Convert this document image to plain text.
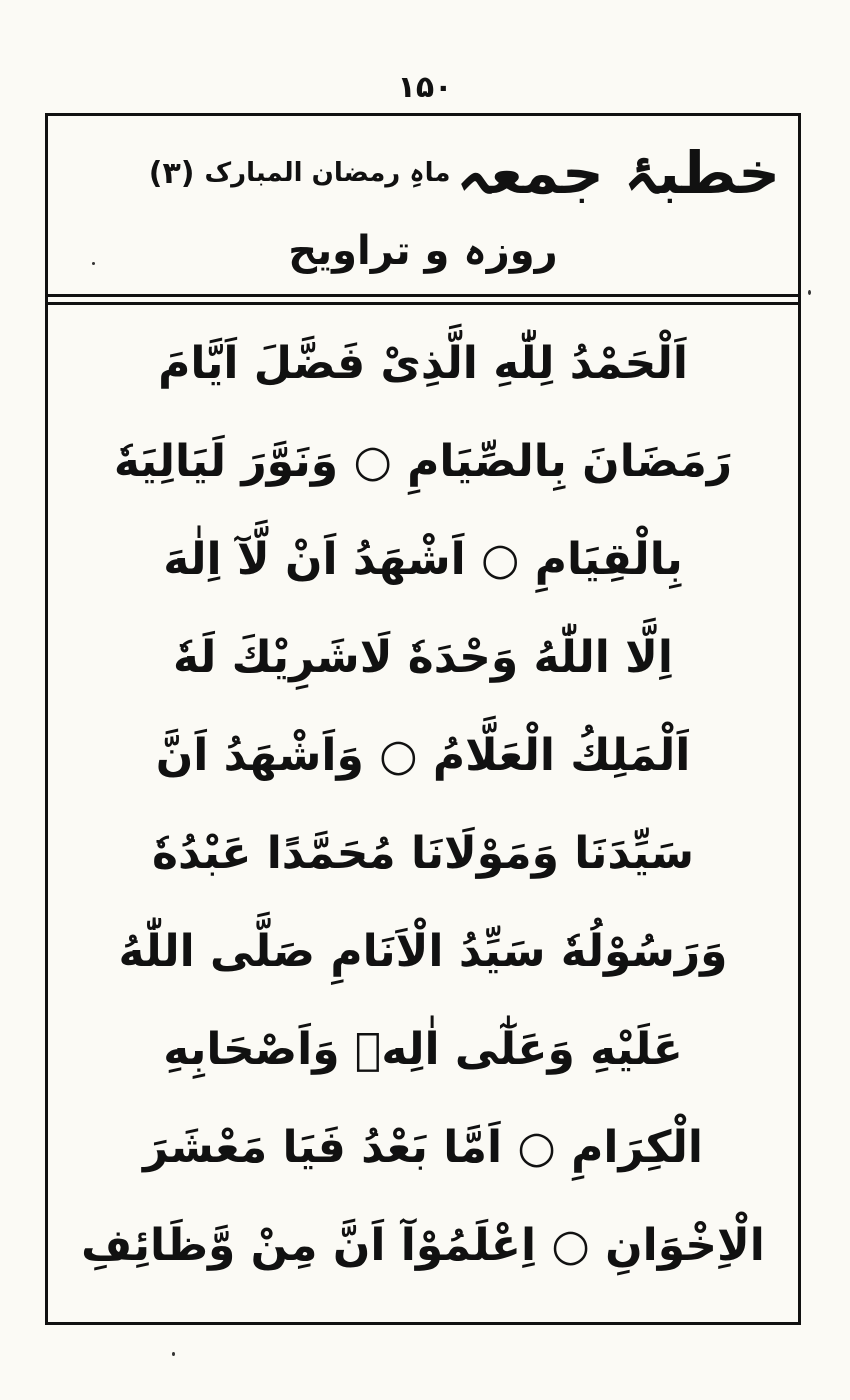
۱۵۰
خطبۂ جمعہ
ماہِ رمضان المبارک
(۳)
روزہ و تراویح
اَلْحَمْدُ لِلّٰهِ الَّذِىْ فَضَّلَ اَيَّامَ
رَمَضَانَ بِالصِّيَامِ ○ وَنَوَّرَ لَيَالِيَهٗ
بِالْقِيَامِ ○ اَشْهَدُ اَنْ لَّآ اِلٰهَ
اِلَّا اللّٰهُ وَحْدَهٗ لَاشَرِيْكَ لَهٗ
اَلْمَلِكُ الْعَلَّامُ ○ وَاَشْهَدُ اَنَّ
سَيِّدَنَا وَمَوْلَانَا مُحَمَّدًا عَبْدُهٗ
وَرَسُوْلُهٗ سَيِّدُ الْاَنَامِ صَلَّى اللّٰهُ
عَلَيْهِ وَعَلٰٓى اٰلِهٖ وَاَصْحَابِهِ
الْكِرَامِ ○ اَمَّا بَعْدُ فَيَا مَعْشَرَ
الْاِخْوَانِ ○ اِعْلَمُوْآ اَنَّ مِنْ وَّظَائِفِ
